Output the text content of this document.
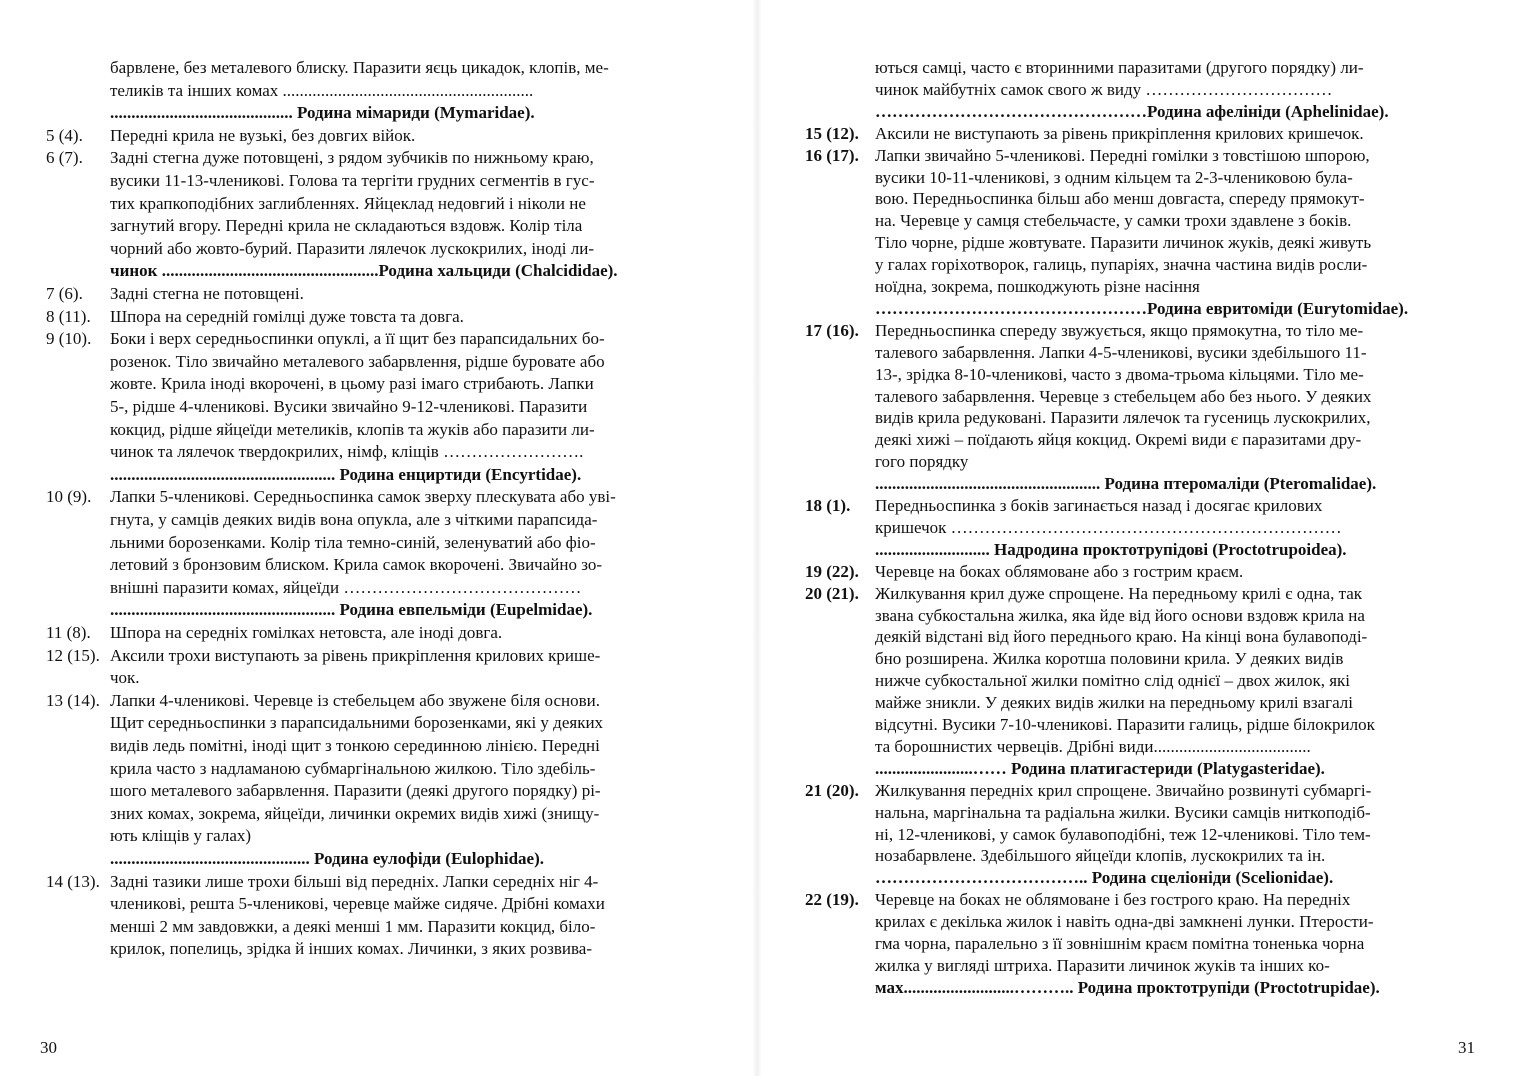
барвлене, без металевого блиску. Паразити яєць цикадок, клопів, ме-
теликів та інших комах ...........................................................
........................................... Родина мімариди (Mymaridae).
5 (4). Передні крила не вузькі, без довгих війок.
6 (7). Задні стегна дуже потовщені, з рядом зубчиків по нижньому краю,
вусики 11-13-членикові. Голова та тергіти грудних сегментів в гус-
тих крапкоподібних заглибленнях. Яйцеклад недовгий і ніколи не
загнутий вгору. Передні крила не складаються вздовж. Колір тіла
чорний або жовто-бурий. Паразити лялечок лускокрилих, іноді ли-
чинок ...................................................Родина хальциди (Chalcididae).
7 (6). Задні стегна не потовщені.
8 (11). Шпора на середній гомілці дуже товста та довга.
9 (10). Боки і верх середньоспинки опуклі, а її щит без парапсидальних бо-
розенок. Тіло звичайно металевого забарвлення, рідше буровате або
жовте. Крила іноді вкорочені, в цьому разі імаго стрибають. Лапки
5-, рідше 4-членикові. Вусики звичайно 9-12-членикові. Паразити
кокцид, рідше яйцеїди метеликів, клопів та жуків або паразити ли-
чинок та лялечок твердокрилих, німф, кліщів …………………….
..................................................... Родина енциртиди (Encyrtidae).
10 (9). Лапки 5-членикові. Середньоспинка самок зверху плескувата або увi-
гнута, у самців деяких видів вона опукла, але з чіткими парапсида-
льними борозенками. Колір тіла темно-синій, зеленуватий або фіо-
летовий з бронзовим блиском. Крила самок вкорочені. Звичайно зо-
внішні паразити комах, яйцеїди ……………………………………
..................................................... Родина евпельміди (Eupelmidae).
11 (8). Шпора на середніх гомілках нетовста, але іноді довга.
12 (15). Аксили трохи виступають за рівень прикріплення крилових кришe-
чок.
13 (14). Лапки 4-членикові. Черевце із стебельцем або звужене біля основи.
Щит середньоспинки з парапсидальними борозенками, які у деяких
видів ледь помітні, іноді щит з тонкою серединною лінією. Передні
крила часто з надламаною субмаргінальною жилкою. Тіло здебіль-
шого металевого забарвлення. Паразити (деякі другого порядку) рі-
зних комах, зокрема, яйцеїди, личинки окремих видів хижі (знищу-
ють кліщів у галах)
............................................... Родина еулофіди (Eulophidae).
14 (13). Задні тазики лише трохи більші від передніх. Лапки середніх ніг 4-
членикові, решта 5-членикові, черевце майже сидяче. Дрібні комахи
менші 2 мм завдовжки, а деякі менші 1 мм. Паразити кокцид, біло-
крилок, попелиць, зрідка й інших комах. Личинки, з яких розвива-
ються самці, часто є вторинними паразитами (другого порядку) ли-
чинок майбутніх самок свого ж виду ……………………………
…………………………………………Родина афелініди (Aphelinidae).
15 (12). Аксили не виступають за рівень прикріплення крилових кришечок.
16 (17). Лапки звичайно 5-членикові. Передні гомілки з товстішою шпорою,
вусики 10-11-членикові, з одним кільцем та 2-3-члениковою була-
вою. Передньоспинка більш або менш довгаста, спереду прямокут-
на. Черевце у самця стебельчасте, у самки трохи здавлене з боків.
Тіло чорне, рідше жовтувате. Паразити личинок жуків, деякі живуть
у галах горіхотворок, галиць, пупаріях, значна частина видів росли-
ноїдна, зокрема, пошкоджують різне насіння
…………………………………………Родина евритоміди (Eurytomidae).
17 (16). Передньоспинка спереду звужується, якщо прямокутна, то тіло ме-
талевого забарвлення. Лапки 4-5-членикові, вусики здебільшого 11-
13-, зрідка 8-10-членикові, часто з двома-трьома кільцями. Тіло ме-
талевого забарвлення. Черевце з стебельцем або без нього. У деяких
видів крила редуковані. Паразити лялечок та гусениць лускокрилих,
деякі хижі – поїдають яйця кокцид. Окремі види є паразитами дру-
гого порядку
..................................................... Родина птеромаліди (Pteromalidae).
18 (1). Передньоспинка з боків загинається назад і досягає крилових
кришечок ……………………………………………………………
........................... Надродина проктотрупідові (Proctotrupoidea).
19 (22). Черевце на боках облямоване або з гострим краєм.
20 (21). Жилкування крил дуже спрощене. На передньому крилі є одна, так
звана субкостальна жилка, яка йде від його основи вздовж крила на
деякій відстані від його переднього краю. На кінці вона булавоподі-
бно розширена. Жилка коротша половини крила. У деяких видів
нижче субкостальної жилки помітно слід однієї – двох жилок, які
майже зникли. У деяких видів жилки на передньому крилі взагалі
відсутні. Вусики 7-10-членикові. Паразити галиць, рідше білокрилок
та борошнистих червеців. Дрібні види.....................................
.......................…… Родина платигастериди (Platygasteridae).
21 (20). Жилкування передніх крил спрощене. Звичайно розвинуті субмаргі-
нальна, маргінальна та радіальна жилки. Вусики самців ниткоподіб-
ні, 12-членикові, у самок булавоподібні, теж 12-членикові. Тіло тем-
нозабарвлене. Здебільшого яйцеїди клопів, лускокрилих та ін.
……………………………….. Родина сцеліоніди (Scelionidae).
22 (19). Черевце на боках не облямоване і без гострого краю. На передніх
крилах є декілька жилок і навіть одна-дві замкнені лунки. Птерости-
гма чорна, паралельно з її зовнішнім краєм помітна тоненька чорна
жилка у вигляді штриха. Паразити личинок жуків та інших ко-
мах..........................……….. Родина проктотрупіди (Proctotrupidae).
30	31
